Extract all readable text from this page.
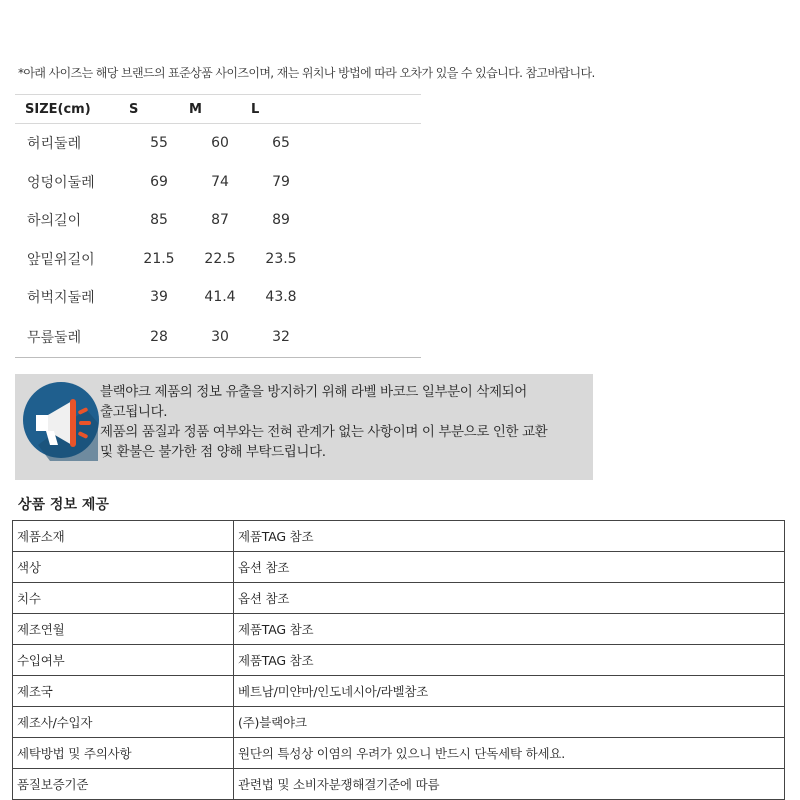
*아래 사이즈는 해당 브랜드의 표준상품 사이즈이며, 재는 위치나 방법에 따라 오차가 있을 수 있습니다. 참고바랍니다.
SIZE(cm)	S	M	L	
허리둘레	55	60	65	
엉덩이둘레	69	74	79	
하의길이	85	87	89	
앞밑위길이	21.5	22.5	23.5	
허벅지둘레	39	41.4	43.8	
무릎둘레	28	30	32	
블랙야크 제품의 정보 유출을 방지하기 위해 라벨 바코드 일부분이 삭제되어
출고됩니다.
제품의 품질과 정품 여부와는 전혀 관계가 없는 사항이며 이 부분으로 인한 교환
및 환불은 불가한 점 양해 부탁드립니다.
상품 정보 제공
제품소재	제품TAG 참조
색상	옵션 참조
치수	옵션 참조
제조연월	제품TAG 참조
수입여부	제품TAG 참조
제조국	베트남/미얀마/인도네시아/라벨참조
제조사/수입자	(주)블랙야크
세탁방법 및 주의사항	원단의 특성상 이염의 우려가 있으니 반드시 단독세탁 하세요.
품질보증기준	관련법 및 소비자분쟁해결기준에 따름
